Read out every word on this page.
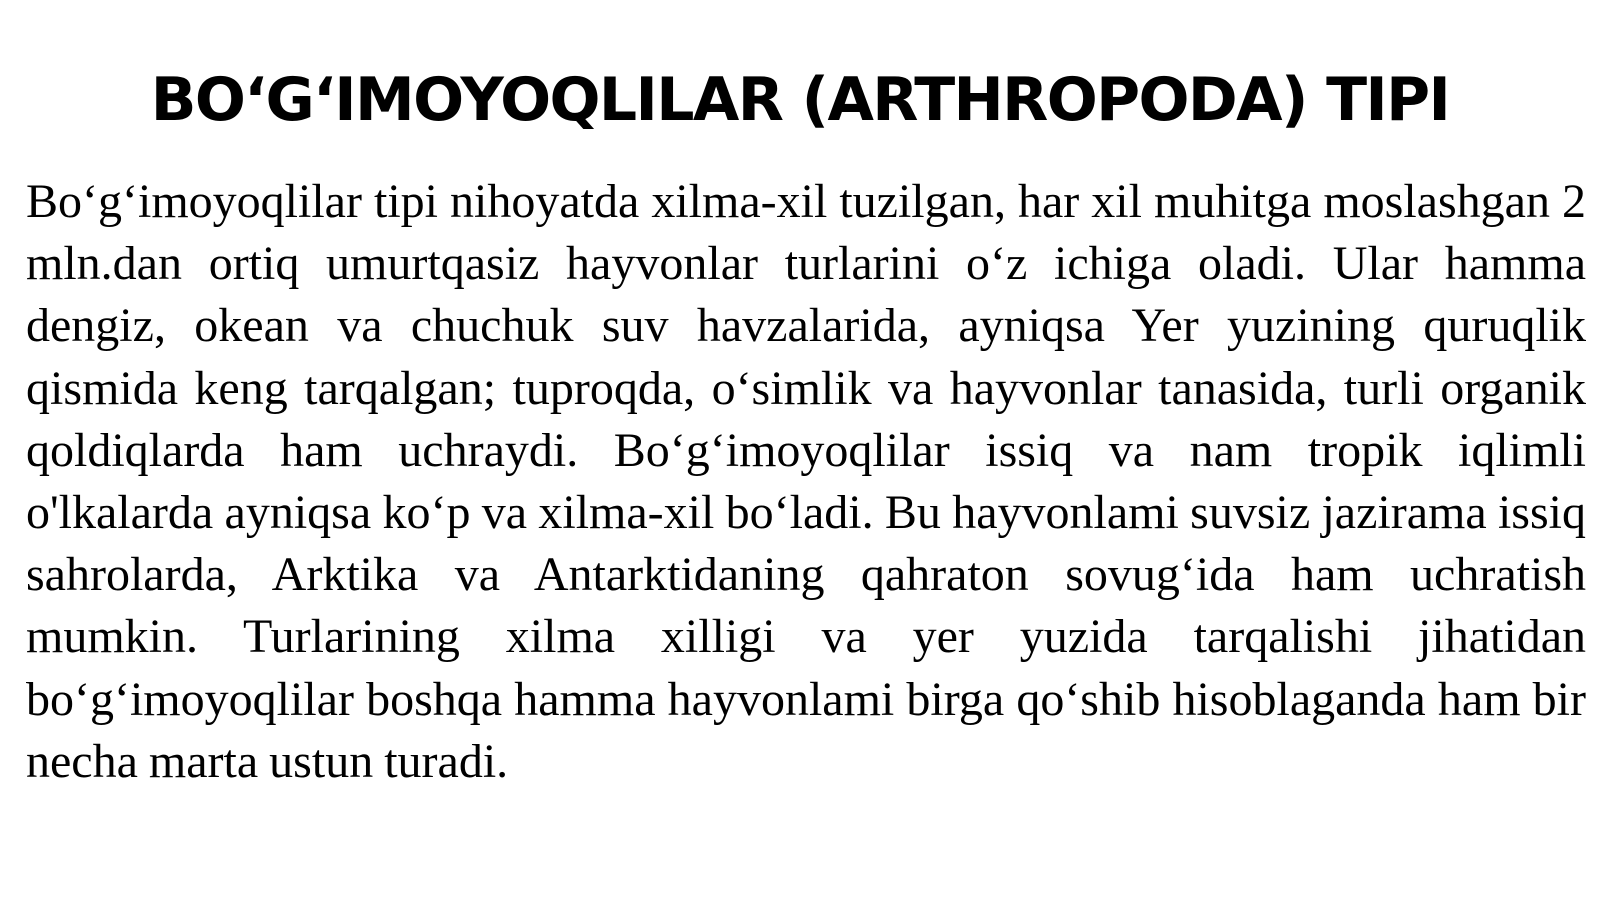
BO‘G‘IMOYOQLILAR (ARTHROPODA) TIPI

Bo‘g‘imoyoqlilar tipi nihoyatda xilma-xil tuzilgan, har xil muhitga moslashgan 2 mln.dan ortiq umurtqasiz hayvonlar turlarini o‘z ichiga oladi. Ular hamma dengiz, okean va chuchuk suv havzalarida, ayniqsa Yer yuzining quruqlik qismida keng tarqalgan; tuproqda, o‘simlik va hayvonlar tanasida, turli organik qoldiqlarda ham uchraydi. Bo‘g‘imoyoqlilar issiq va nam tropik iqlimli o'lkalarda ayniqsa ko‘p va xilma-xil bo‘ladi. Bu hayvonlami suvsiz jazirama issiq sahrolarda, Arktika va Antarktidaning qahraton sovug‘ida ham uchratish mumkin. Turlarining xilma xilligi va yer yuzida tarqalishi jihatidan bo‘g‘imoyoqlilar boshqa hamma hayvonlami birga qo‘shib hisoblaganda ham bir necha marta ustun turadi.
